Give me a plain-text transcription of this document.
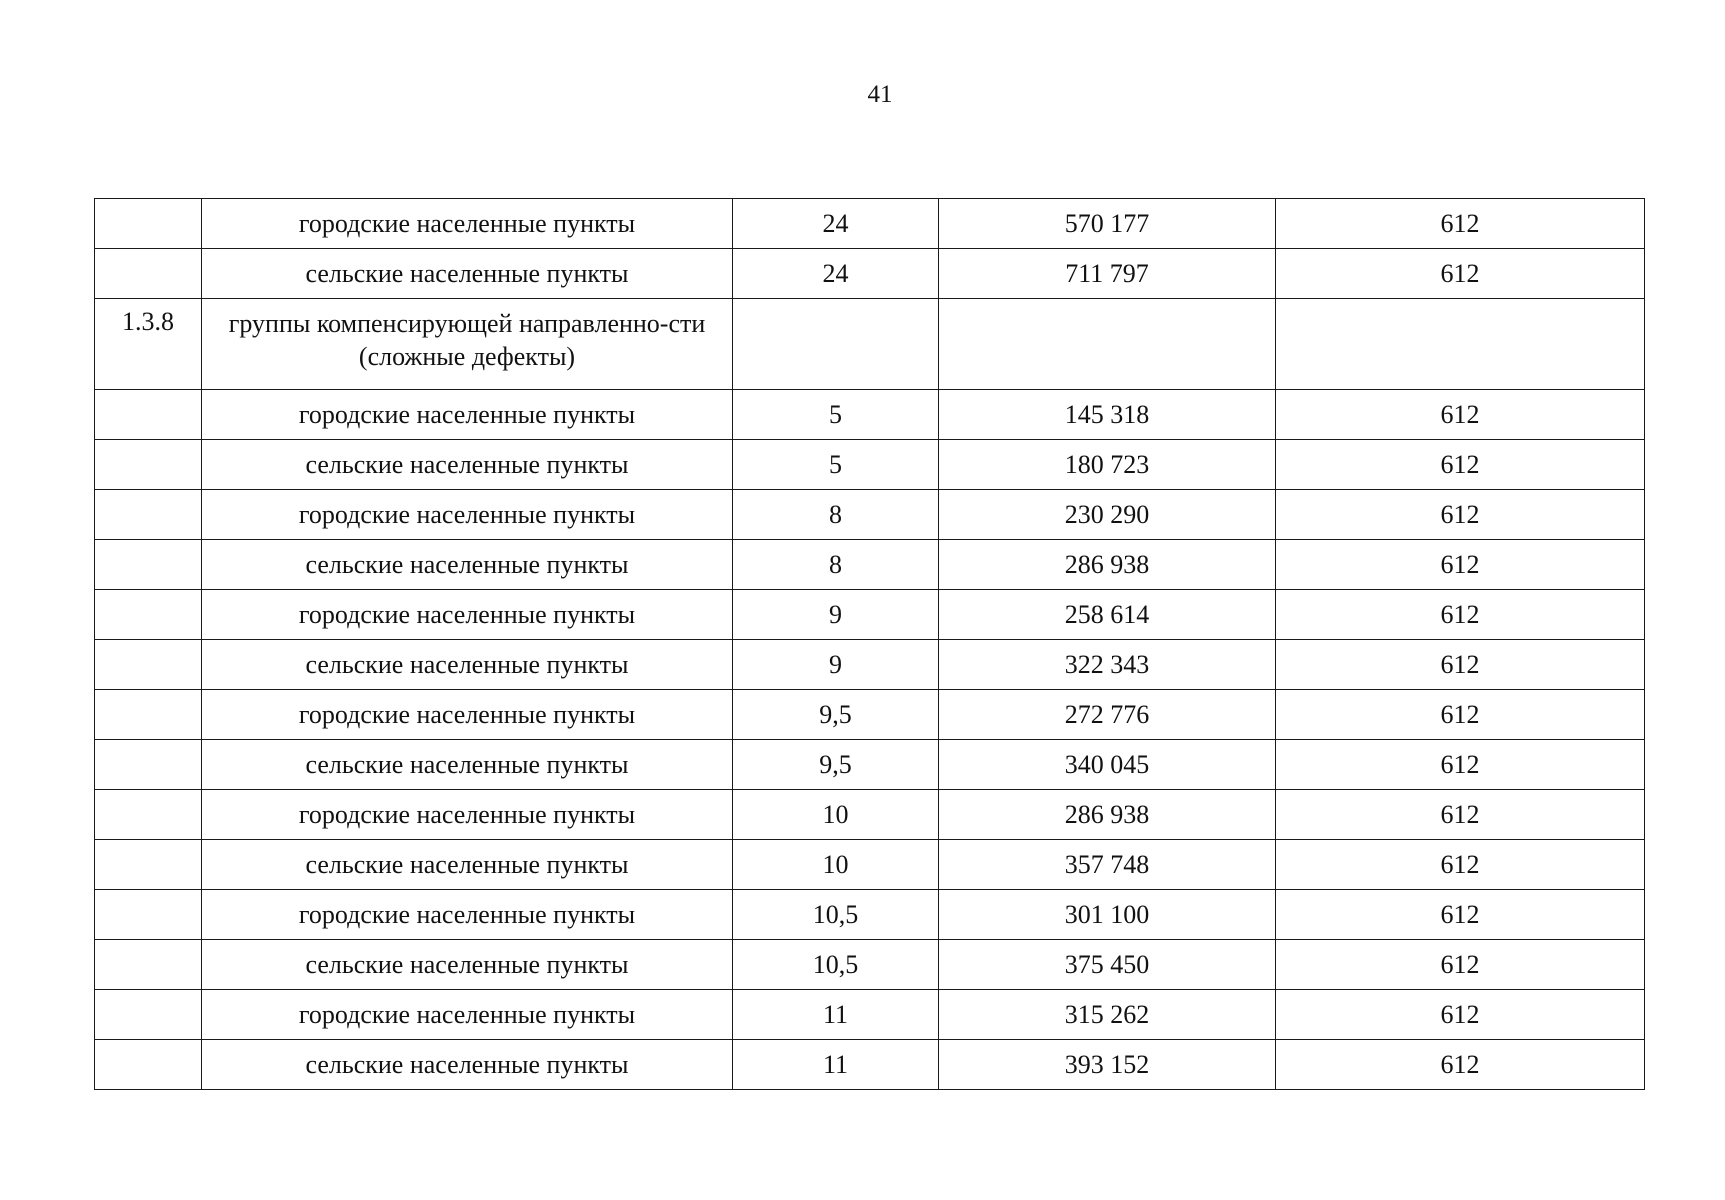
41
	городские населенные пункты	24	570 177	612
	сельские населенные пункты	24	711 797	612
1.3.8	группы компенсирующей направленно-сти (сложные дефекты)			
	городские населенные пункты	5	145 318	612
	сельские населенные пункты	5	180 723	612
	городские населенные пункты	8	230 290	612
	сельские населенные пункты	8	286 938	612
	городские населенные пункты	9	258 614	612
	сельские населенные пункты	9	322 343	612
	городские населенные пункты	9,5	272 776	612
	сельские населенные пункты	9,5	340 045	612
	городские населенные пункты	10	286 938	612
	сельские населенные пункты	10	357 748	612
	городские населенные пункты	10,5	301 100	612
	сельские населенные пункты	10,5	375 450	612
	городские населенные пункты	11	315 262	612
	сельские населенные пункты	11	393 152	612
